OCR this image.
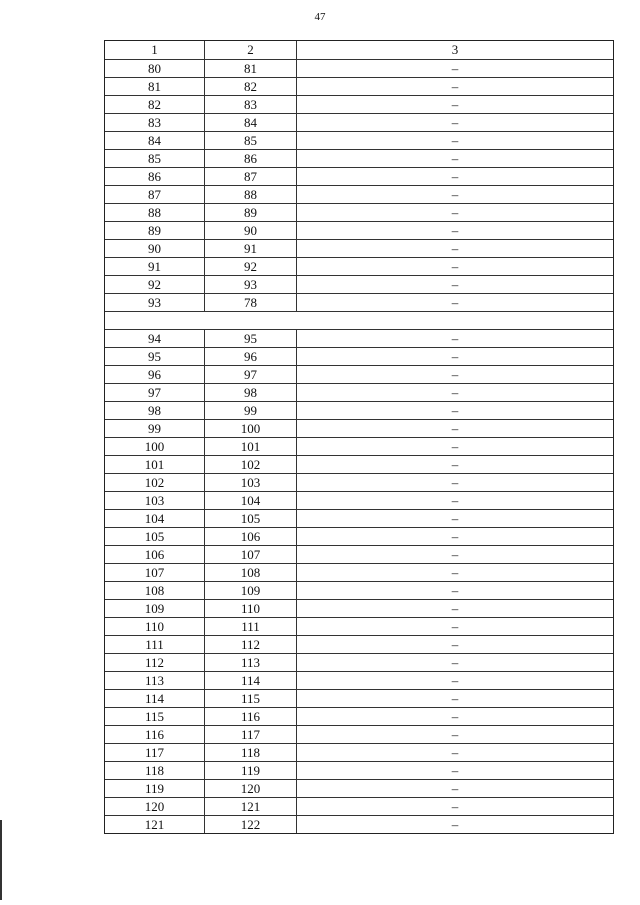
47
1	2	3
80	81	–
81	82	–
82	83	–
83	84	–
84	85	–
85	86	–
86	87	–
87	88	–
88	89	–
89	90	–
90	91	–
91	92	–
92	93	–
93	78	–
94	95	–
95	96	–
96	97	–
97	98	–
98	99	–
99	100	–
100	101	–
101	102	–
102	103	–
103	104	–
104	105	–
105	106	–
106	107	–
107	108	–
108	109	–
109	110	–
110	111	–
111	112	–
112	113	–
113	114	–
114	115	–
115	116	–
116	117	–
117	118	–
118	119	–
119	120	–
120	121	–
121	122	–
